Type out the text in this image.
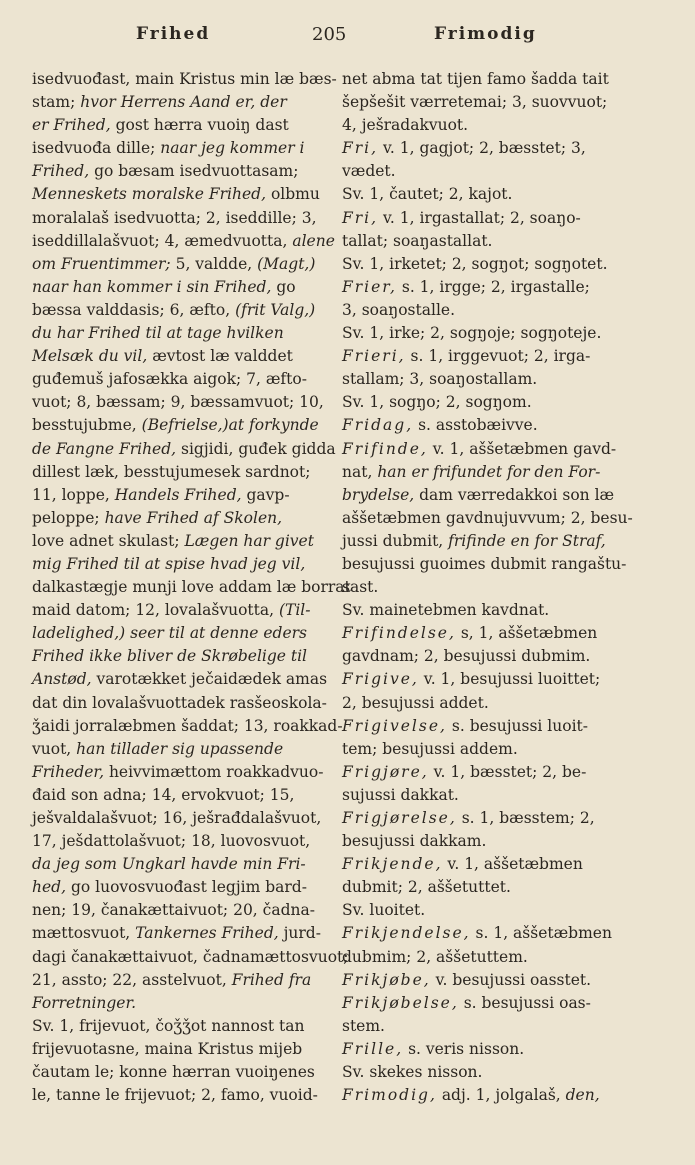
Frihed	205	Frimodig
isedvuođast, main Kristus min læ bæs-
stam; hvor Herrens Aand er, der
er Frihed, gost hærra vuoiŋ dast
isedvuođa dille; naar jeg kommer i
Frihed, go bæsam isedvuottasam;
Menneskets moralske Frihed, olbmu
moralalaš isedvuotta; 2, iseddille; 3,
iseddillalašvuot; 4, æmedvuotta, alene
om Fruentimmer; 5, valdde, (Magt,)
naar han kommer i sin Frihed, go
bæssa valddasis; 6, æfto, (frit Valg,)
du har Frihed til at tage hvilken
Melsæk du vil, ævtost læ valddet
guđemuš jafosækka aigok; 7, æfto-
vuot; 8, bæssam; 9, bæssamvuot; 10,
besstujubme, (Befrielse,)at forkynde
de Fangne Frihed, sigjidi, guđek gidda
dillest læk, besstujumesek sardnot;
11, loppe, Handels Frihed, gavp-
peloppe; have Frihed af Skolen,
love adnet skulast; Lægen har givet
mig Frihed til at spise hvad jeg vil,
dalkastægje munji love addam læ borrat
maid datom; 12, lovalašvuotta, (Til-
ladelighed,) seer til at denne eders
Frihed ikke bliver de Skrøbelige til
Anstød, varotækket ječaidædek amas
dat din lovalašvuottadek rasšeoskola-
ǯaidi jorralæbmen šaddat; 13, roakkad-
vuot, han tillader sig upassende
Friheder, heivvimættom roakkadvuo-
đaid son adna; 14, ervokvuot; 15,
ješvaldalašvuot; 16, ješrađdalašvuot,
17, ješdattolašvuot; 18, luovosvuot,
da jeg som Ungkarl havde min Fri-
hed, go luovosvuođast legjim bard-
nen; 19, čanakættaivuot; 20, čadna-
mættosvuot, Tankernes Frihed, jurd-
dagi čanakættaivuot, čadnamættosvuot;
21, assto; 22, asstelvuot, Frihed fra
Forretninger.
Sv. 1, frijevuot, čoǯǯot nannost tan
frijevuotasne, maina Kristus mijeb
čautam le; konne hærran vuoiŋenes
le, tanne le frijevuot; 2, famo, vuoid-
net abma tat tijen famo šadda tait
šepšešit værretemai; 3, suovvuot;
4, ješradakvuot.
Fri, v. 1, gagjot; 2, bæsstet; 3,
vædet.
Sv. 1, čautet; 2, kajot.
Fri, v. 1, irgastallat; 2, soaŋo-
tallat; soaŋastallat.
Sv. 1, irketet; 2, sogŋot; sogŋotet.
Frier, s. 1, irgge; 2, irgastalle;
3, soaŋostalle.
Sv. 1, irke; 2, sogŋoje; sogŋoteje.
Frieri, s. 1, irggevuot; 2, irga-
stallam; 3, soaŋostallam.
Sv. 1, sogŋo; 2, sogŋom.
Fridag, s. asstobæivve.
Frifinde, v. 1, aššetæbmen gavd-
nat, han er frifundet for den For-
brydelse, dam værredakkoi son læ
aššetæbmen gavdnujuvvum; 2, besu-
jussi dubmit, frifinde en for Straf,
besujussi guoimes dubmit rangaštu-
sast.
Sv. mainetebmen kavdnat.
Frifindelse, s, 1, aššetæbmen
gavdnam; 2, besujussi dubmim.
Frigive, v. 1, besujussi luoittet;
2, besujussi addet.
Frigivelse, s. besujussi luoit-
tem; besujussi addem.
Frigjøre, v. 1, bæsstet; 2, be-
sujussi dakkat.
Frigjørelse, s. 1, bæsstem; 2,
besujussi dakkam.
Frikjende, v. 1, aššetæbmen
dubmit; 2, aššetuttet.
Sv. luoitet.
Frikjendelse, s. 1, aššetæbmen
dubmim; 2, aššetuttem.
Frikjøbe, v. besujussi oasstet.
Frikjøbelse, s. besujussi oas-
stem.
Frille, s. veris nisson.
Sv. skekes nisson.
Frimodig, adj. 1, jolgalaš, den,
